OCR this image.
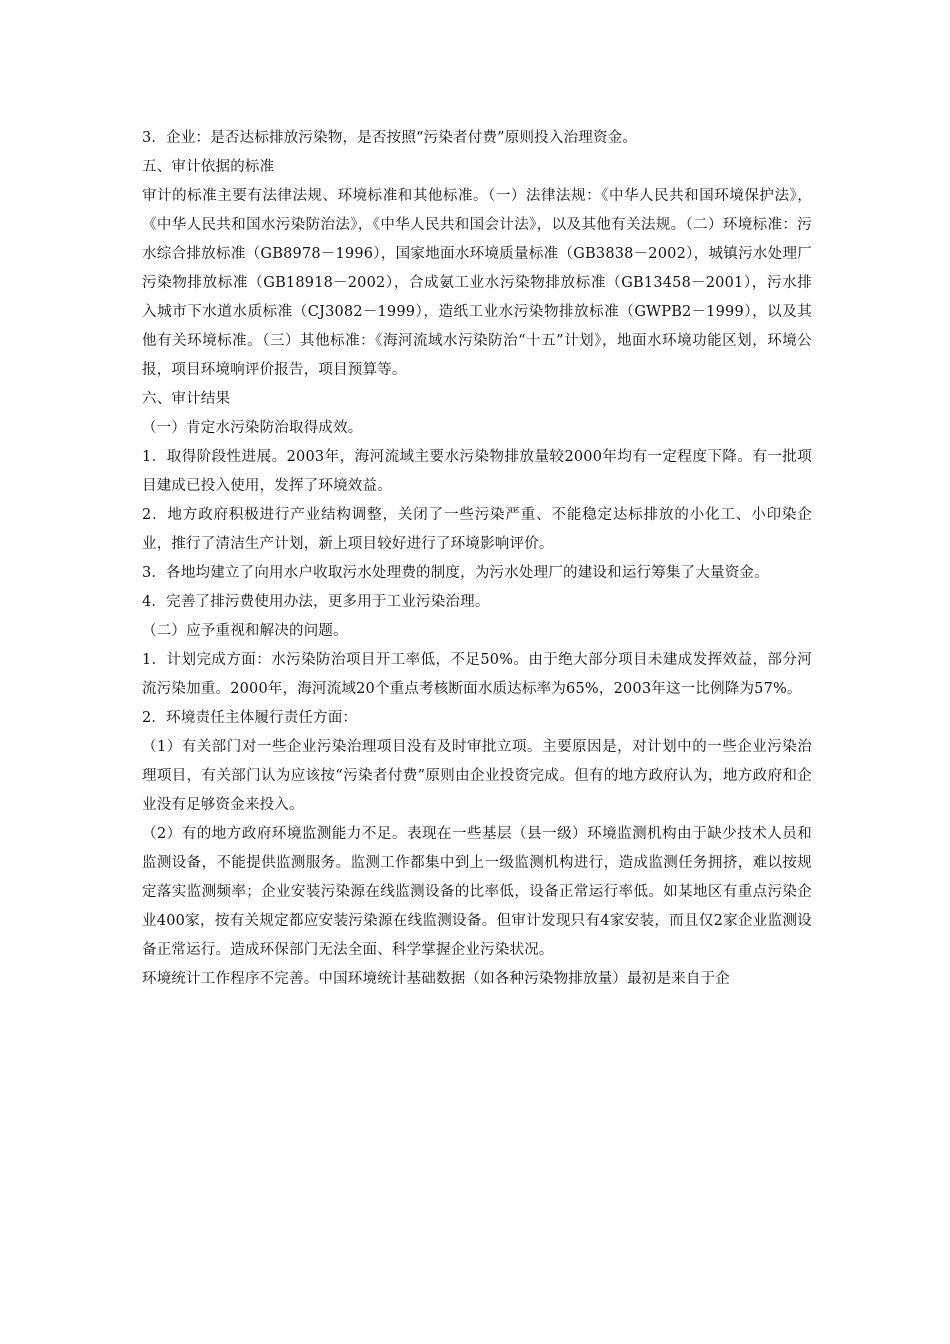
3．企业：是否达标排放污染物，是否按照“污染者付费”原则投入治理资金。

五、审计依据的标准

审计的标准主要有法律法规、环境标准和其他标准。（一）法律法规：《中华人民共和国环境保护法》，《中华人民共和国水污染防治法》，《中华人民共和国会计法》，以及其他有关法规。（二）环境标准：污水综合排放标准（GB8978－1996），国家地面水环境质量标准（GB3838－2002），城镇污水处理厂污染物排放标准（GB18918－2002），合成氨工业水污染物排放标准（GB13458－2001），污水排入城市下水道水质标准（CJ3082－1999），造纸工业水污染物排放标准（GWPB2－1999），以及其他有关环境标准。（三）其他标准：《海河流域水污染防治“十五”计划》，地面水环境功能区划，环境公报，项目环境响评价报告，项目预算等。

六、审计结果

（一）肯定水污染防治取得成效。

1．取得阶段性进展。2003年，海河流域主要水污染物排放量较2000年均有一定程度下降。有一批项目建成已投入使用，发挥了环境效益。

2．地方政府积极进行产业结构调整，关闭了一些污染严重、不能稳定达标排放的小化工、小印染企业，推行了清洁生产计划，新上项目较好进行了环境影响评价。

3．各地均建立了向用水户收取污水处理费的制度，为污水处理厂的建设和运行筹集了大量资金。

4．完善了排污费使用办法，更多用于工业污染治理。

（二）应予重视和解决的问题。

1．计划完成方面：水污染防治项目开工率低，不足50%。由于绝大部分项目未建成发挥效益，部分河流污染加重。2000年，海河流域20个重点考核断面水质达标率为65%，2003年这一比例降为57%。

2．环境责任主体履行责任方面：

（1）有关部门对一些企业污染治理项目没有及时审批立项。主要原因是，对计划中的一些企业污染治理项目，有关部门认为应该按“污染者付费”原则由企业投资完成。但有的地方政府认为，地方政府和企业没有足够资金来投入。

（2）有的地方政府环境监测能力不足。表现在一些基层（县一级）环境监测机构由于缺少技术人员和监测设备，不能提供监测服务。监测工作都集中到上一级监测机构进行，造成监测任务拥挤，难以按规定落实监测频率；企业安装污染源在线监测设备的比率低，设备正常运行率低。如某地区有重点污染企业400家，按有关规定都应安装污染源在线监测设备。但审计发现只有4家安装，而且仅2家企业监测设备正常运行。造成环保部门无法全面、科学掌握企业污染状况。

环境统计工作程序不完善。中国环境统计基础数据（如各种污染物排放量）最初是来自于企
